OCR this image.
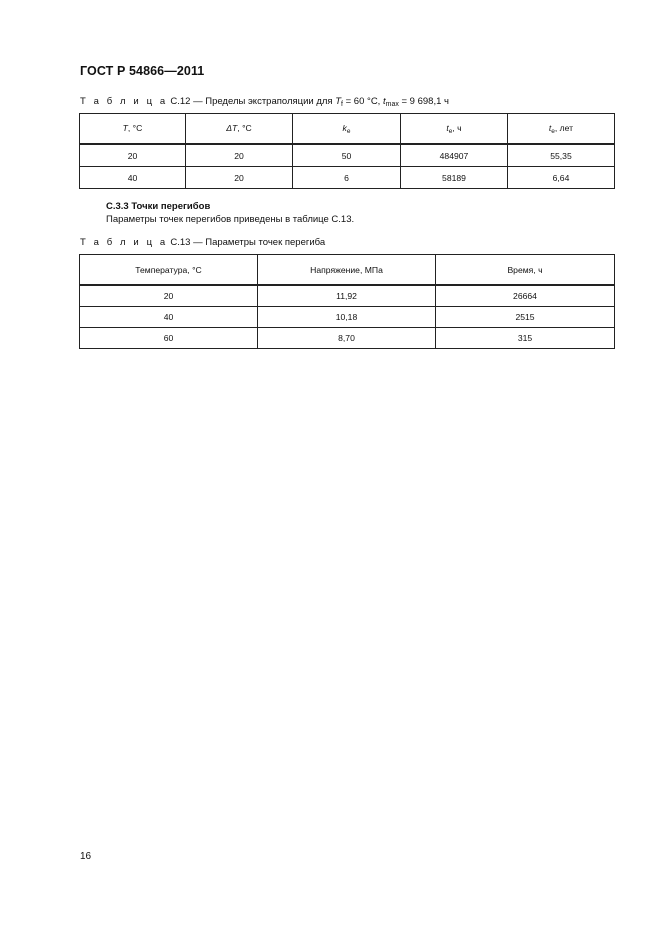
ГОСТ Р 54866—2011
Т а б л и ц а С.12 — Пределы экстраполяции для $T_f = 60$ °C, $t_{max} = 9$ 698,1 ч
T, °C	ΔT, °C	$k_e$	$t_e$, ч	$t_e$, лет
20	20	50	484907	55,35
40	20	6	58189	6,64
С.3.3 Точки перегибов
Параметры точек перегибов приведены в таблице С.13.
Т а б л и ц а С.13 — Параметры точек перегиба
Температура, °С	Напряжение, МПа	Время, ч
20	11,92	26664
40	10,18	2515
60	8,70	315
16
